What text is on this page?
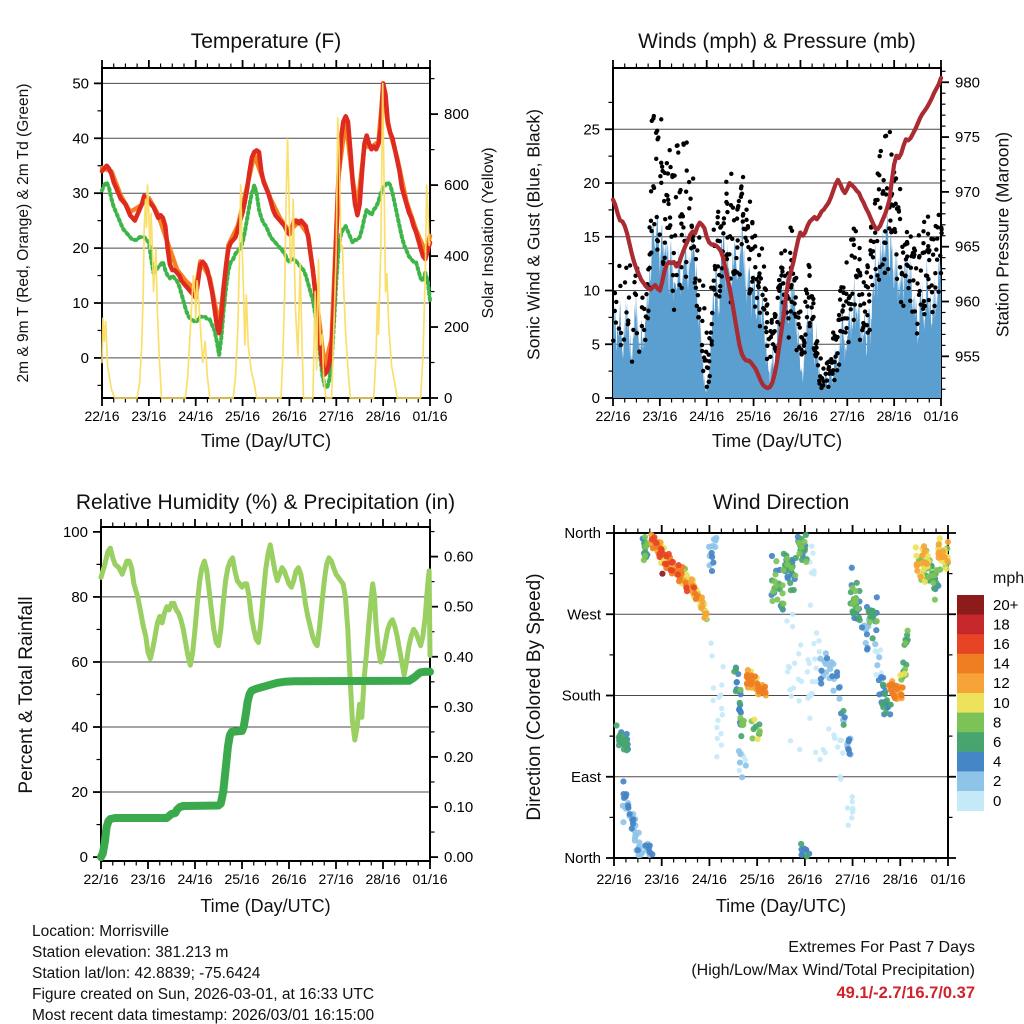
22/16 23/16 24/16 25/16 26/16 27/16 28/16 01/16
0
10
20
30
40
50
0
200
400
600
800
22/16 23/16 24/16 25/16 26/16 27/16 28/16 01/16
0
5
10
15
20
25
955
960
965
970
975
980
22/16 23/16 24/16 25/16 26/16 27/16 28/16 01/16
0
20
40
60
80
100
0.00
0.10
0.20
0.30
0.40
0.50
0.60
22/16 23/16 24/16 25/16 26/16 27/16 28/16 01/16
North
West
South
East
North
20+
18
16
14
12
10
8
6
4
2
0
Temperature (F)	Winds (mph) & Pressure (mb)
Relative Humidity (%) & Precipitation (in)	Wind Direction
Time (Day/UTC)	Time (Day/UTC)
Time (Day/UTC)	Time (Day/UTC)
2m & 9m T (Red, Orange) & 2m Td (Green)	Solar Insolation (Yellow) Sonic Wind & Gust (Blue, Black)	Station Pressure (Maroon)
Percent & Total Rainfall	Direction (Colored By Speed)	mph
Location: Morrisville
Station elevation: 381.213 m
Station lat/lon: 42.8839; -75.6424
Figure created on Sun, 2026-03-01, at 16:33 UTC
Most recent data timestamp: 2026/03/01 16:15:00
Extremes For Past 7 Days
(High/Low/Max Wind/Total Precipitation)
49.1/-2.7/16.7/0.37
